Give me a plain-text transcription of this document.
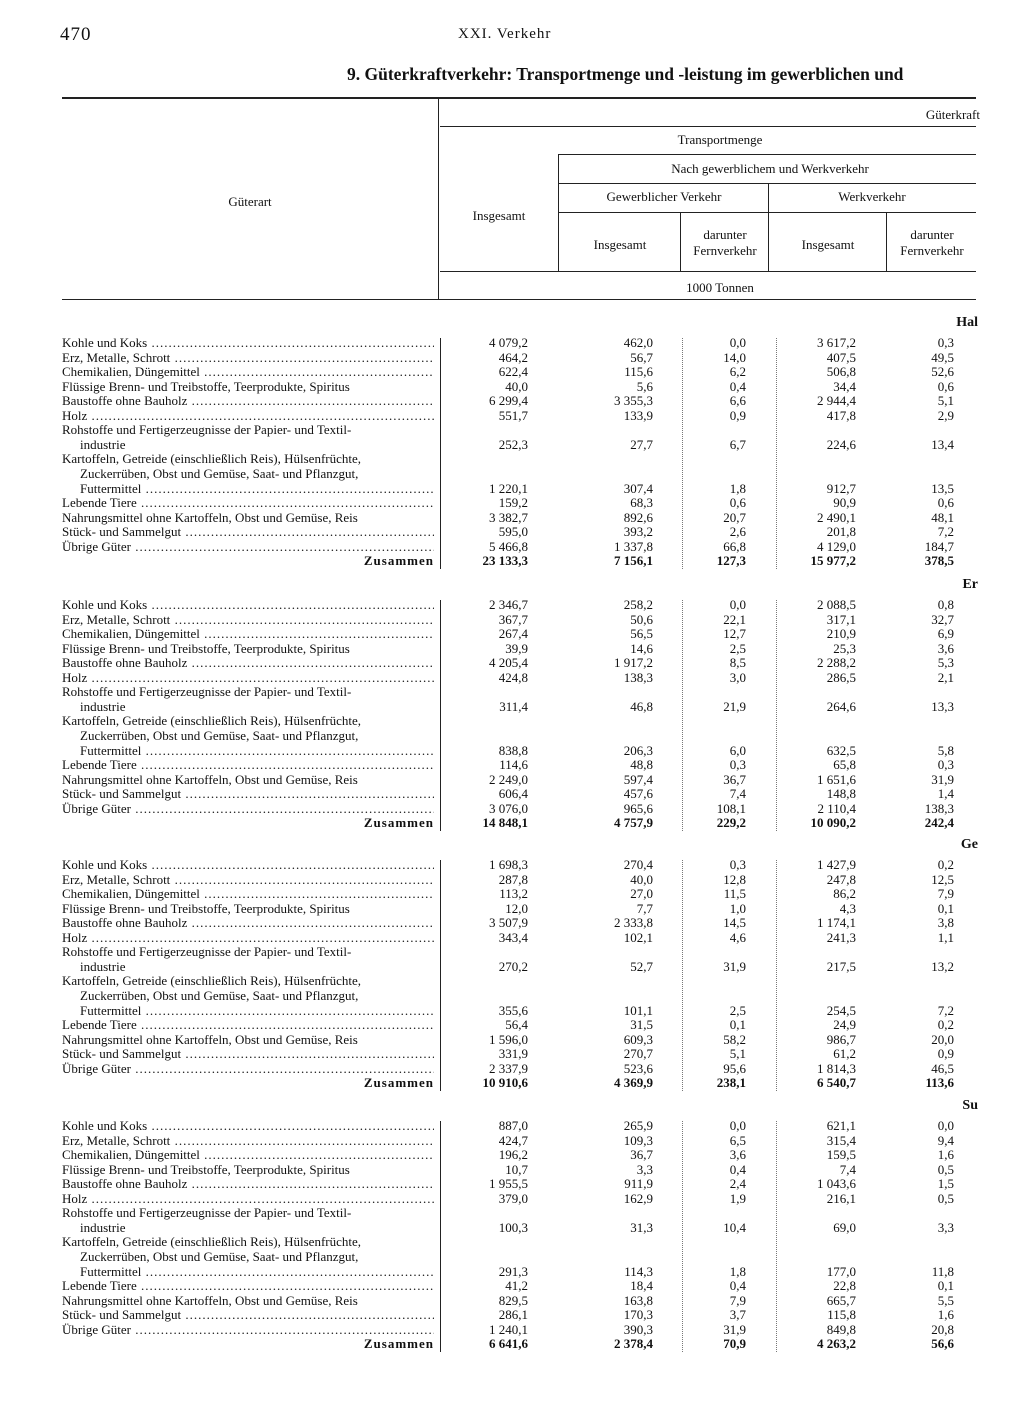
470	XXI. Verkehr
9. Güterkraftverkehr: Transportmenge und -leistung im gewerblichen und
Güterart
Güterkraft
Transportmenge
Insgesamt
Nach gewerblichem und Werkverkehr
Gewerblicher Verkehr	Werkverkehr
Insgesamt
darunter
Fernverkehr	Insgesamt
darunter
Fernverkehr
1000 Tonnen
Hal
Kohle und Koks .....	4 079,2	462,0	0,0	3 617,2	0,3
Erz, Metalle, Schrott .....	464,2	56,7	14,0	407,5	49,5
Chemikalien, Düngemittel .....	622,4	115,6	6,2	506,8	52,6
Flüssige Brenn- und Treibstoffe, Teerprodukte, Spiritus	40,0	5,6	0,4	34,4	0,6
Baustoffe ohne Bauholz .....	6 299,4	3 355,3	6,6	2 944,4	5,1
Holz .....	551,7	133,9	0,9	417,8	2,9
Rohstoffe und Fertigerzeugnisse der Papier- und Textil-
industrie	252,3	27,7	6,7	224,6	13,4
Kartoffeln, Getreide (einschließlich Reis), Hülsenfrüchte,
Zuckerrüben, Obst und Gemüse, Saat- und Pflanzgut,
Futtermittel .....	1 220,1	307,4	1,8	912,7	13,5
Lebende Tiere .....	159,2	68,3	0,6	90,9	0,6
Nahrungsmittel ohne Kartoffeln, Obst und Gemüse, Reis	3 382,7	892,6	20,7	2 490,1	48,1
Stück- und Sammelgut .....	595,0	393,2	2,6	201,8	7,2
Übrige Güter .....	5 466,8	1 337,8	66,8	4 129,0	184,7
Zusammen	23 133,3	7 156,1	127,3	15 977,2	378,5
Er
Kohle und Koks .....	2 346,7	258,2	0,0	2 088,5	0,8
Erz, Metalle, Schrott .....	367,7	50,6	22,1	317,1	32,7
Chemikalien, Düngemittel .....	267,4	56,5	12,7	210,9	6,9
Flüssige Brenn- und Treibstoffe, Teerprodukte, Spiritus	39,9	14,6	2,5	25,3	3,6
Baustoffe ohne Bauholz .....	4 205,4	1 917,2	8,5	2 288,2	5,3
Holz .....	424,8	138,3	3,0	286,5	2,1
Rohstoffe und Fertigerzeugnisse der Papier- und Textil-
industrie	311,4	46,8	21,9	264,6	13,3
Kartoffeln, Getreide (einschließlich Reis), Hülsenfrüchte,
Zuckerrüben, Obst und Gemüse, Saat- und Pflanzgut,
Futtermittel .....	838,8	206,3	6,0	632,5	5,8
Lebende Tiere .....	114,6	48,8	0,3	65,8	0,3
Nahrungsmittel ohne Kartoffeln, Obst und Gemüse, Reis	2 249,0	597,4	36,7	1 651,6	31,9
Stück- und Sammelgut .....	606,4	457,6	7,4	148,8	1,4
Übrige Güter .....	3 076,0	965,6	108,1	2 110,4	138,3
Zusammen	14 848,1	4 757,9	229,2	10 090,2	242,4
Ge
Kohle und Koks .....	1 698,3	270,4	0,3	1 427,9	0,2
Erz, Metalle, Schrott .....	287,8	40,0	12,8	247,8	12,5
Chemikalien, Düngemittel .....	113,2	27,0	11,5	86,2	7,9
Flüssige Brenn- und Treibstoffe, Teerprodukte, Spiritus	12,0	7,7	1,0	4,3	0,1
Baustoffe ohne Bauholz .....	3 507,9	2 333,8	14,5	1 174,1	3,8
Holz .....	343,4	102,1	4,6	241,3	1,1
Rohstoffe und Fertigerzeugnisse der Papier- und Textil-
industrie	270,2	52,7	31,9	217,5	13,2
Kartoffeln, Getreide (einschließlich Reis), Hülsenfrüchte,
Zuckerrüben, Obst und Gemüse, Saat- und Pflanzgut,
Futtermittel .....	355,6	101,1	2,5	254,5	7,2
Lebende Tiere .....	56,4	31,5	0,1	24,9	0,2
Nahrungsmittel ohne Kartoffeln, Obst und Gemüse, Reis	1 596,0	609,3	58,2	986,7	20,0
Stück- und Sammelgut .....	331,9	270,7	5,1	61,2	0,9
Übrige Güter .....	2 337,9	523,6	95,6	1 814,3	46,5
Zusammen	10 910,6	4 369,9	238,1	6 540,7	113,6
Su
Kohle und Koks .....	887,0	265,9	0,0	621,1	0,0
Erz, Metalle, Schrott .....	424,7	109,3	6,5	315,4	9,4
Chemikalien, Düngemittel .....	196,2	36,7	3,6	159,5	1,6
Flüssige Brenn- und Treibstoffe, Teerprodukte, Spiritus	10,7	3,3	0,4	7,4	0,5
Baustoffe ohne Bauholz .....	1 955,5	911,9	2,4	1 043,6	1,5
Holz .....	379,0	162,9	1,9	216,1	0,5
Rohstoffe und Fertigerzeugnisse der Papier- und Textil-
industrie	100,3	31,3	10,4	69,0	3,3
Kartoffeln, Getreide (einschließlich Reis), Hülsenfrüchte,
Zuckerrüben, Obst und Gemüse, Saat- und Pflanzgut,
Futtermittel .....	291,3	114,3	1,8	177,0	11,8
Lebende Tiere .....	41,2	18,4	0,4	22,8	0,1
Nahrungsmittel ohne Kartoffeln, Obst und Gemüse, Reis	829,5	163,8	7,9	665,7	5,5
Stück- und Sammelgut .....	286,1	170,3	3,7	115,8	1,6
Übrige Güter .....	1 240,1	390,3	31,9	849,8	20,8
Zusammen	6 641,6	2 378,4	70,9	4 263,2	56,6
